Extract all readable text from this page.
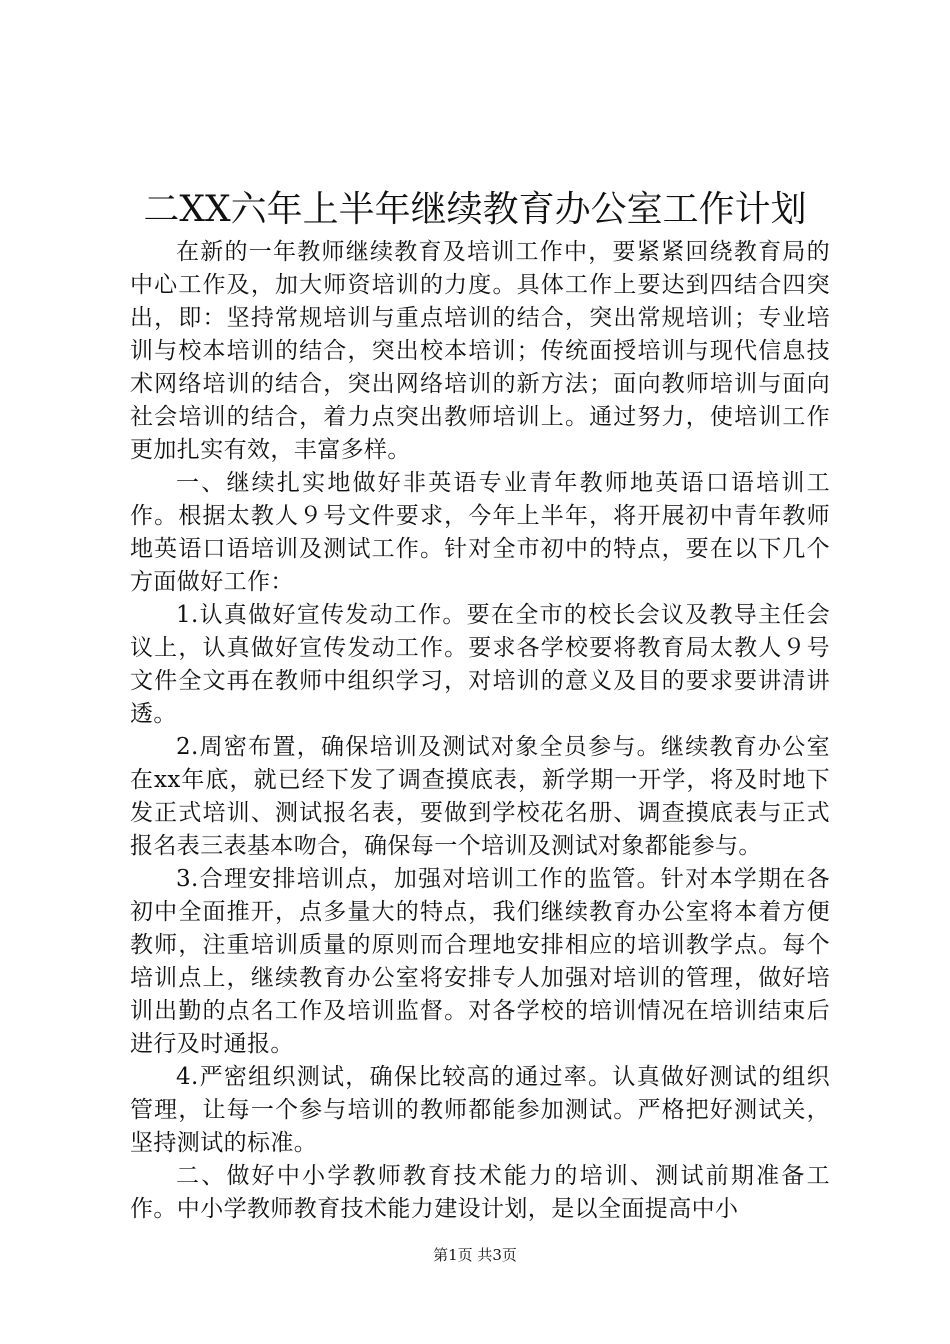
二XX六年上半年继续教育办公室工作计划

在新的一年教师继续教育及培训工作中，要紧紧回绕教育局的中心工作及，加大师资培训的力度。具体工作上要达到四结合四突出，即：坚持常规培训与重点培训的结合，突出常规培训；专业培训与校本培训的结合，突出校本培训；传统面授培训与现代信息技术网络培训的结合，突出网络培训的新方法；面向教师培训与面向社会培训的结合，着力点突出教师培训上。通过努力，使培训工作更加扎实有效，丰富多样。

一、继续扎实地做好非英语专业青年教师地英语口语培训工作。根据太教人９号文件要求，今年上半年，将开展初中青年教师地英语口语培训及测试工作。针对全市初中的特点，要在以下几个方面做好工作：

1.认真做好宣传发动工作。要在全市的校长会议及教导主任会议上，认真做好宣传发动工作。要求各学校要将教育局太教人９号文件全文再在教师中组织学习，对培训的意义及目的要求要讲清讲透。

2.周密布置，确保培训及测试对象全员参与。继续教育办公室在xx年底，就已经下发了调查摸底表，新学期一开学，将及时地下发正式培训、测试报名表，要做到学校花名册、调查摸底表与正式报名表三表基本吻合，确保每一个培训及测试对象都能参与。

3.合理安排培训点，加强对培训工作的监管。针对本学期在各初中全面推开，点多量大的特点，我们继续教育办公室将本着方便教师，注重培训质量的原则而合理地安排相应的培训教学点。每个培训点上，继续教育办公室将安排专人加强对培训的管理，做好培训出勤的点名工作及培训监督。对各学校的培训情况在培训结束后进行及时通报。

4.严密组织测试，确保比较高的通过率。认真做好测试的组织管理，让每一个参与培训的教师都能参加测试。严格把好测试关，坚持测试的标准。

二、做好中小学教师教育技术能力的培训、测试前期准备工作。中小学教师教育技术能力建设计划，是以全面提高中小

第1页 共3页
